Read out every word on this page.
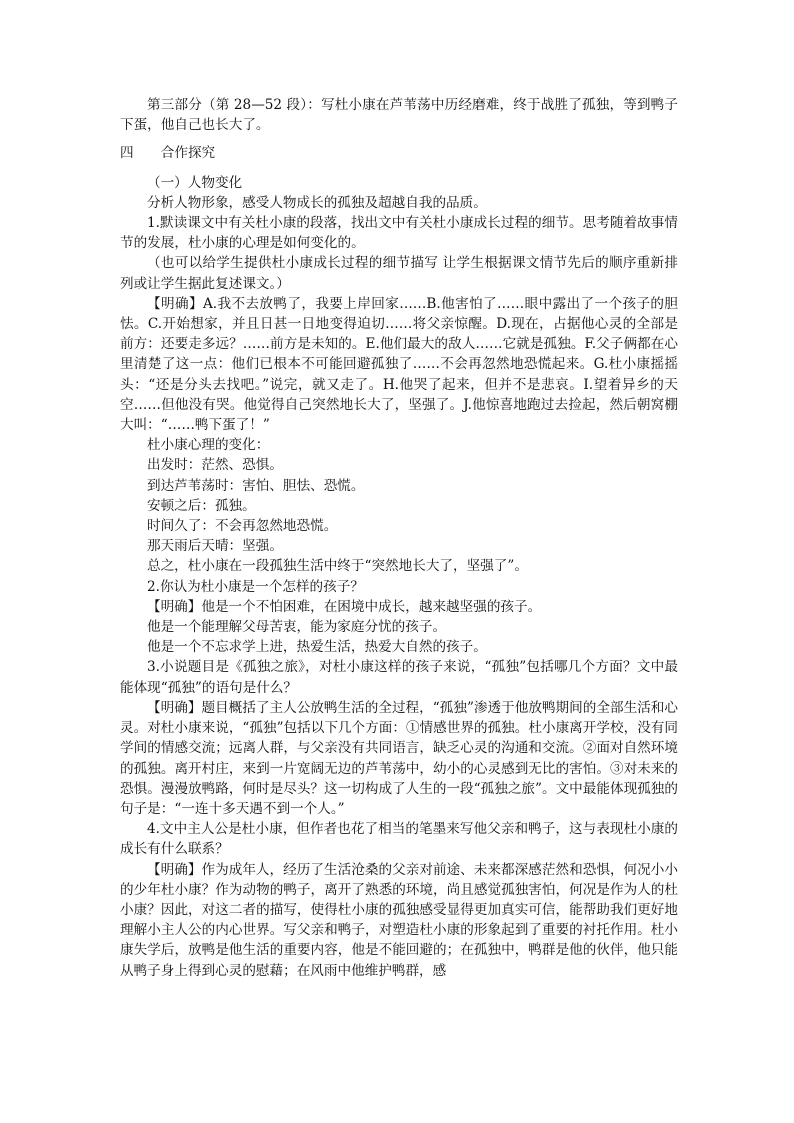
第三部分（第 28—52 段）：写杜小康在芦苇荡中历经磨难，终于战胜了孤独，等到鸭子下蛋，他自己也长大了。

四　　合作探究

（一）人物变化

分析人物形象，感受人物成长的孤独及超越自我的品质。

1.默读课文中有关杜小康的段落，找出文中有关杜小康成长过程的细节。思考随着故事情节的发展，杜小康的心理是如何变化的。

（也可以给学生提供杜小康成长过程的细节描写 让学生根据课文情节先后的顺序重新排列或让学生据此复述课文。）

【明确】A.我不去放鸭了，我要上岸回家……B.他害怕了……眼中露出了一个孩子的胆怯。C.开始想家，并且日甚一日地变得迫切……将父亲惊醒。D.现在，占据他心灵的全部是前方：还要走多远？……前方是未知的。E.他们最大的敌人……它就是孤独。F.父子俩都在心里清楚了这一点：他们已根本不可能回避孤独了……不会再忽然地恐慌起来。G.杜小康摇摇头：“还是分头去找吧。”说完，就又走了。H.他哭了起来，但并不是悲哀。I.望着异乡的天空……但他没有哭。他觉得自己突然地长大了，坚强了。J.他惊喜地跑过去捡起，然后朝窝棚大叫：“……鸭下蛋了！”

杜小康心理的变化：

出发时：茫然、恐惧。

到达芦苇荡时：害怕、胆怯、恐慌。

安顿之后：孤独。

时间久了：不会再忽然地恐慌。

那天雨后天晴：坚强。

总之，杜小康在一段孤独生活中终于“突然地长大了，坚强了”。

2.你认为杜小康是一个怎样的孩子？

【明确】他是一个不怕困难，在困境中成长，越来越坚强的孩子。

他是一个能理解父母苦衷，能为家庭分忧的孩子。

他是一个不忘求学上进，热爱生活，热爱大自然的孩子。

3.小说题目是《孤独之旅》，对杜小康这样的孩子来说，“孤独”包括哪几个方面？文中最能体现“孤独”的语句是什么？

【明确】题目概括了主人公放鸭生活的全过程，“孤独”渗透于他放鸭期间的全部生活和心灵。对杜小康来说，“孤独”包括以下几个方面：①情感世界的孤独。杜小康离开学校，没有同学间的情感交流；远离人群，与父亲没有共同语言，缺乏心灵的沟通和交流。②面对自然环境的孤独。离开村庄，来到一片宽阔无边的芦苇荡中，幼小的心灵感到无比的害怕。③对未来的恐惧。漫漫放鸭路，何时是尽头？这一切构成了人生的一段“孤独之旅”。文中最能体现孤独的句子是：“一连十多天遇不到一个人。”

4.文中主人公是杜小康，但作者也花了相当的笔墨来写他父亲和鸭子，这与表现杜小康的成长有什么联系？

【明确】作为成年人，经历了生活沧桑的父亲对前途、未来都深感茫然和恐惧，何况小小的少年杜小康？作为动物的鸭子，离开了熟悉的环境，尚且感觉孤独害怕，何况是作为人的杜小康？因此，对这二者的描写，使得杜小康的孤独感受显得更加真实可信，能帮助我们更好地理解小主人公的内心世界。写父亲和鸭子，对塑造杜小康的形象起到了重要的衬托作用。杜小康失学后，放鸭是他生活的重要内容，他是不能回避的；在孤独中，鸭群是他的伙伴，他只能从鸭子身上得到心灵的慰藉；在风雨中他维护鸭群，感
